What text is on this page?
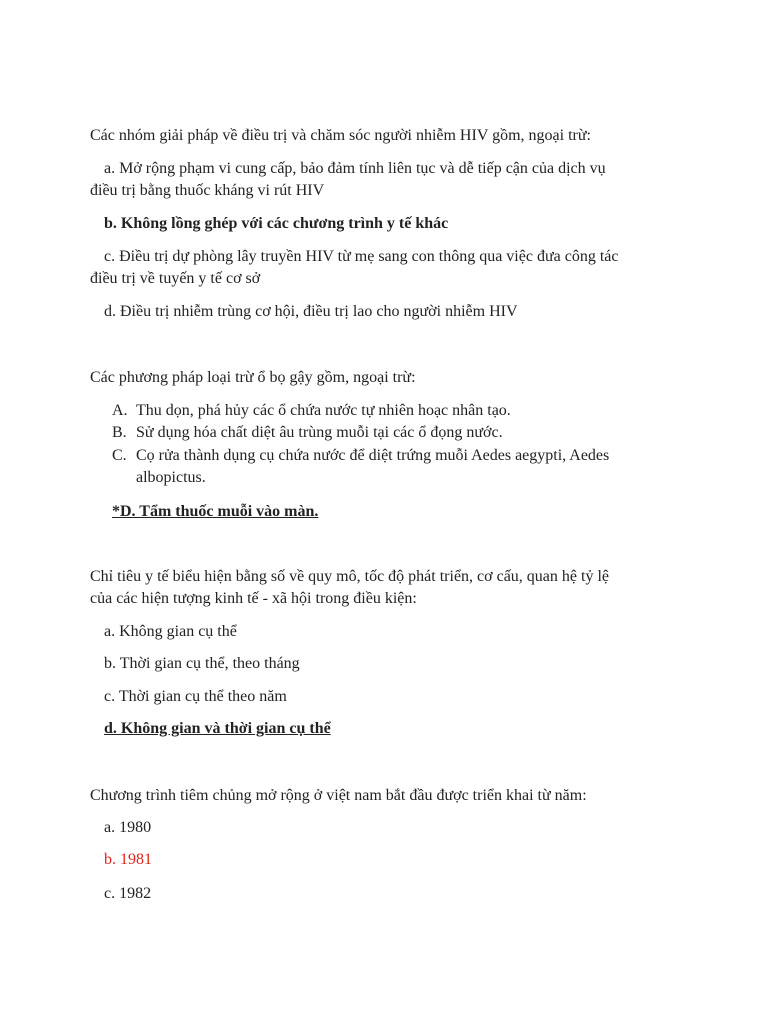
Các nhóm giải pháp về điều trị và chăm sóc người nhiễm HIV gồm, ngoại trừ:
a. Mở rộng phạm vi cung cấp, bảo đảm tính liên tục và dễ tiếp cận của dịch vụ
điều trị bằng thuốc kháng vi rút HIV
b. Không lồng ghép với các chương trình y tế khác
c. Điều trị dự phòng lây truyền HIV từ mẹ sang con thông qua việc đưa công tác
điều trị về tuyến y tế cơ sở
d. Điều trị nhiễm trùng cơ hội, điều trị lao cho người nhiễm HIV
Các phương pháp loại trừ ổ bọ gậy gồm, ngoại trừ:
A. Thu dọn, phá hủy các ổ chứa nước tự nhiên hoạc nhân tạo.
B. Sử dụng hóa chất diệt âu trùng muỗi tại các ổ đọng nước.
C. Cọ rửa thành dụng cụ chứa nước để diệt trứng muỗi Aedes aegypti, Aedes
albopictus.
*D. Tẩm thuốc muỗi vào màn.
Chỉ tiêu y tế biểu hiện bằng số về quy mô, tốc độ phát triển, cơ cấu, quan hệ tỷ lệ
của các hiện tượng kinh tế - xã hội trong điều kiện:
a. Không gian cụ thể
b. Thời gian cụ thể, theo tháng
c. Thời gian cụ thể theo năm
d. Không gian và thời gian cụ thể
Chương trình tiêm chủng mở rộng ở việt nam bắt đầu được triển khai từ năm:
a. 1980
b. 1981
c. 1982
